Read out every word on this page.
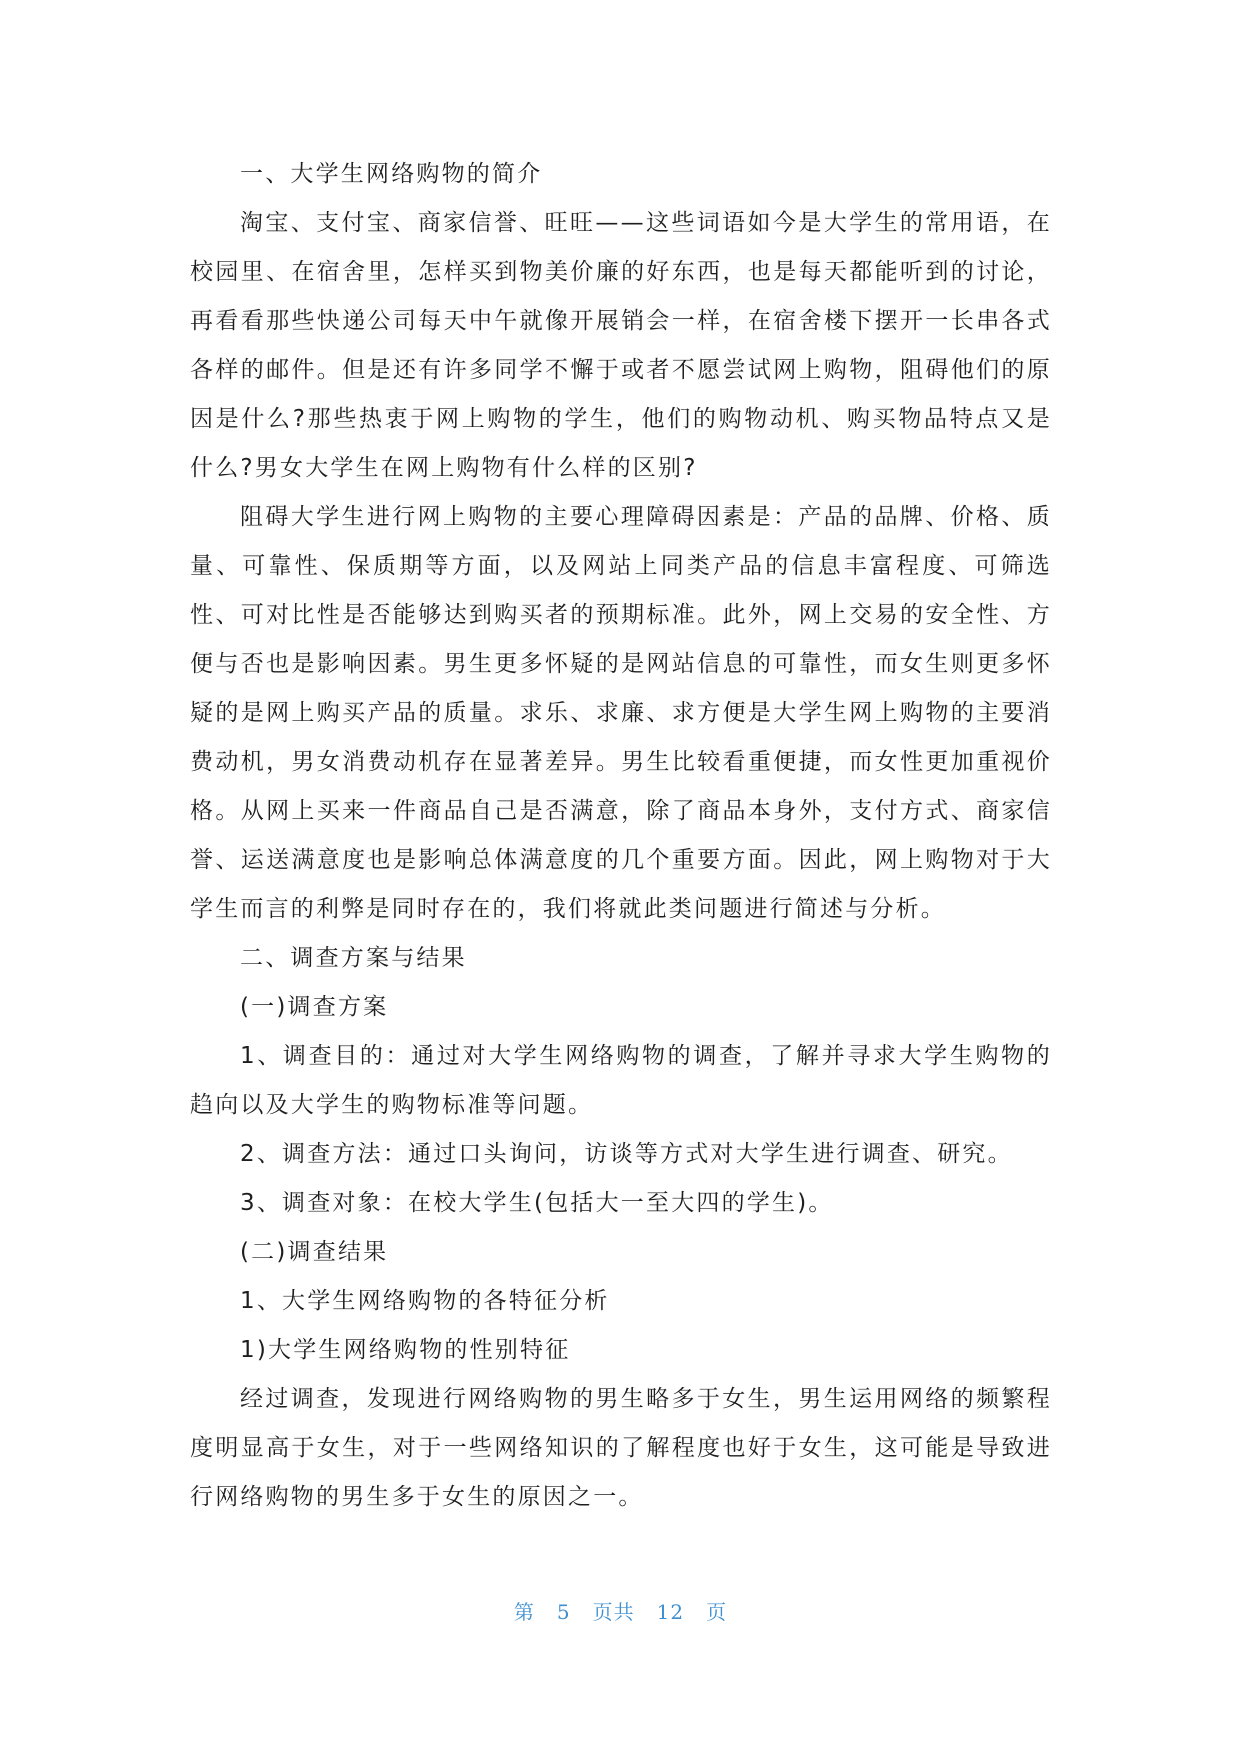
一、大学生网络购物的简介

淘宝、支付宝、商家信誉、旺旺——这些词语如今是大学生的常用语，在校园里、在宿舍里，怎样买到物美价廉的好东西，也是每天都能听到的讨论，再看看那些快递公司每天中午就像开展销会一样，在宿舍楼下摆开一长串各式各样的邮件。但是还有许多同学不懈于或者不愿尝试网上购物，阻碍他们的原因是什么?那些热衷于网上购物的学生，他们的购物动机、购买物品特点又是什么?男女大学生在网上购物有什么样的区别?

阻碍大学生进行网上购物的主要心理障碍因素是：产品的品牌、价格、质量、可靠性、保质期等方面，以及网站上同类产品的信息丰富程度、可筛选性、可对比性是否能够达到购买者的预期标准。此外，网上交易的安全性、方便与否也是影响因素。男生更多怀疑的是网站信息的可靠性，而女生则更多怀疑的是网上购买产品的质量。求乐、求廉、求方便是大学生网上购物的主要消费动机，男女消费动机存在显著差异。男生比较看重便捷，而女性更加重视价格。从网上买来一件商品自己是否满意，除了商品本身外，支付方式、商家信誉、运送满意度也是影响总体满意度的几个重要方面。因此，网上购物对于大学生而言的利弊是同时存在的，我们将就此类问题进行简述与分析。

二、调查方案与结果

(一)调查方案

1、调查目的：通过对大学生网络购物的调查，了解并寻求大学生购物的趋向以及大学生的购物标准等问题。

2、调查方法：通过口头询问，访谈等方式对大学生进行调查、研究。

3、调查对象：在校大学生(包括大一至大四的学生)。

(二)调查结果

1、大学生网络购物的各特征分析

1)大学生网络购物的性别特征

经过调查，发现进行网络购物的男生略多于女生，男生运用网络的频繁程度明显高于女生，对于一些网络知识的了解程度也好于女生，这可能是导致进行网络购物的男生多于女生的原因之一。

第 5 页共 12 页
